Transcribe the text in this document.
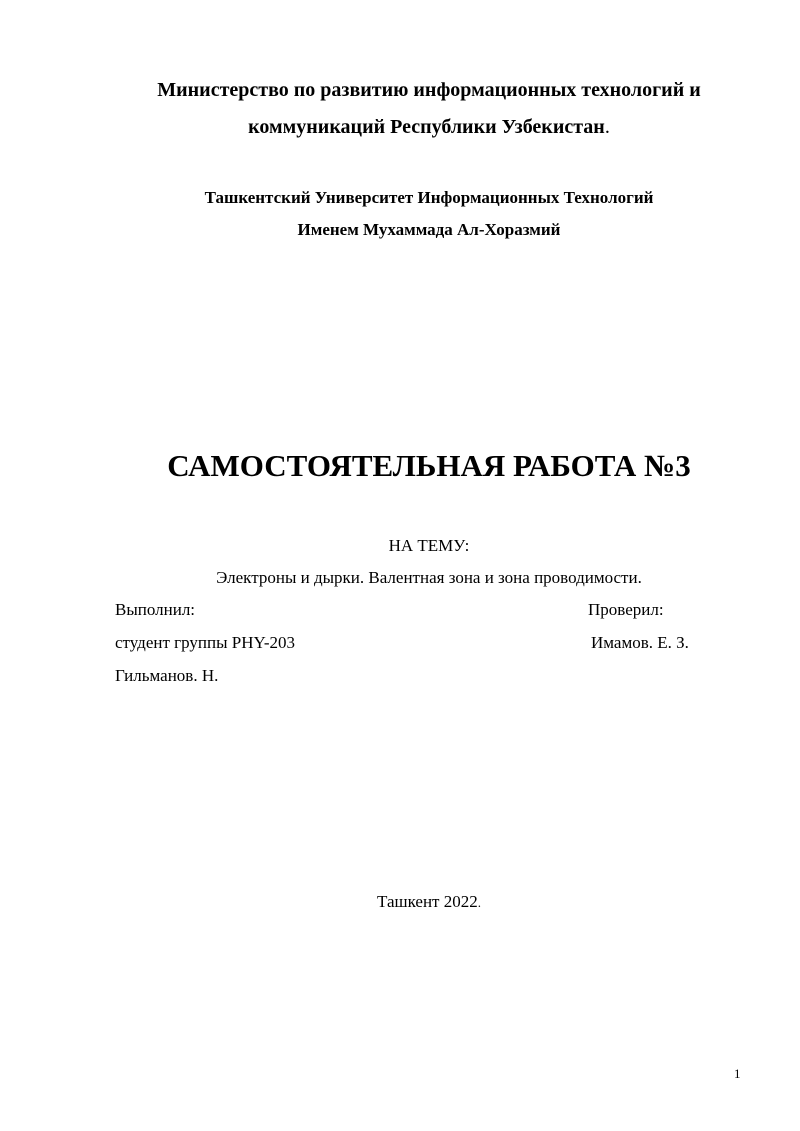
Министерство по развитию информационных технологий и
коммуникаций Республики Узбекистан.
Ташкентский Университет Информационных Технологий
Именем Мухаммада Ал-Хоразмий
САМОСТОЯТЕЛЬНАЯ РАБОТА №3
НА ТЕМУ:
Электроны и дырки. Валентная зона и зона проводимости.
Выполнил:	Проверил:
студент группы PHY-203	Имамов. Е. З.
Гильманов. Н.
Ташкент 2022.
1
